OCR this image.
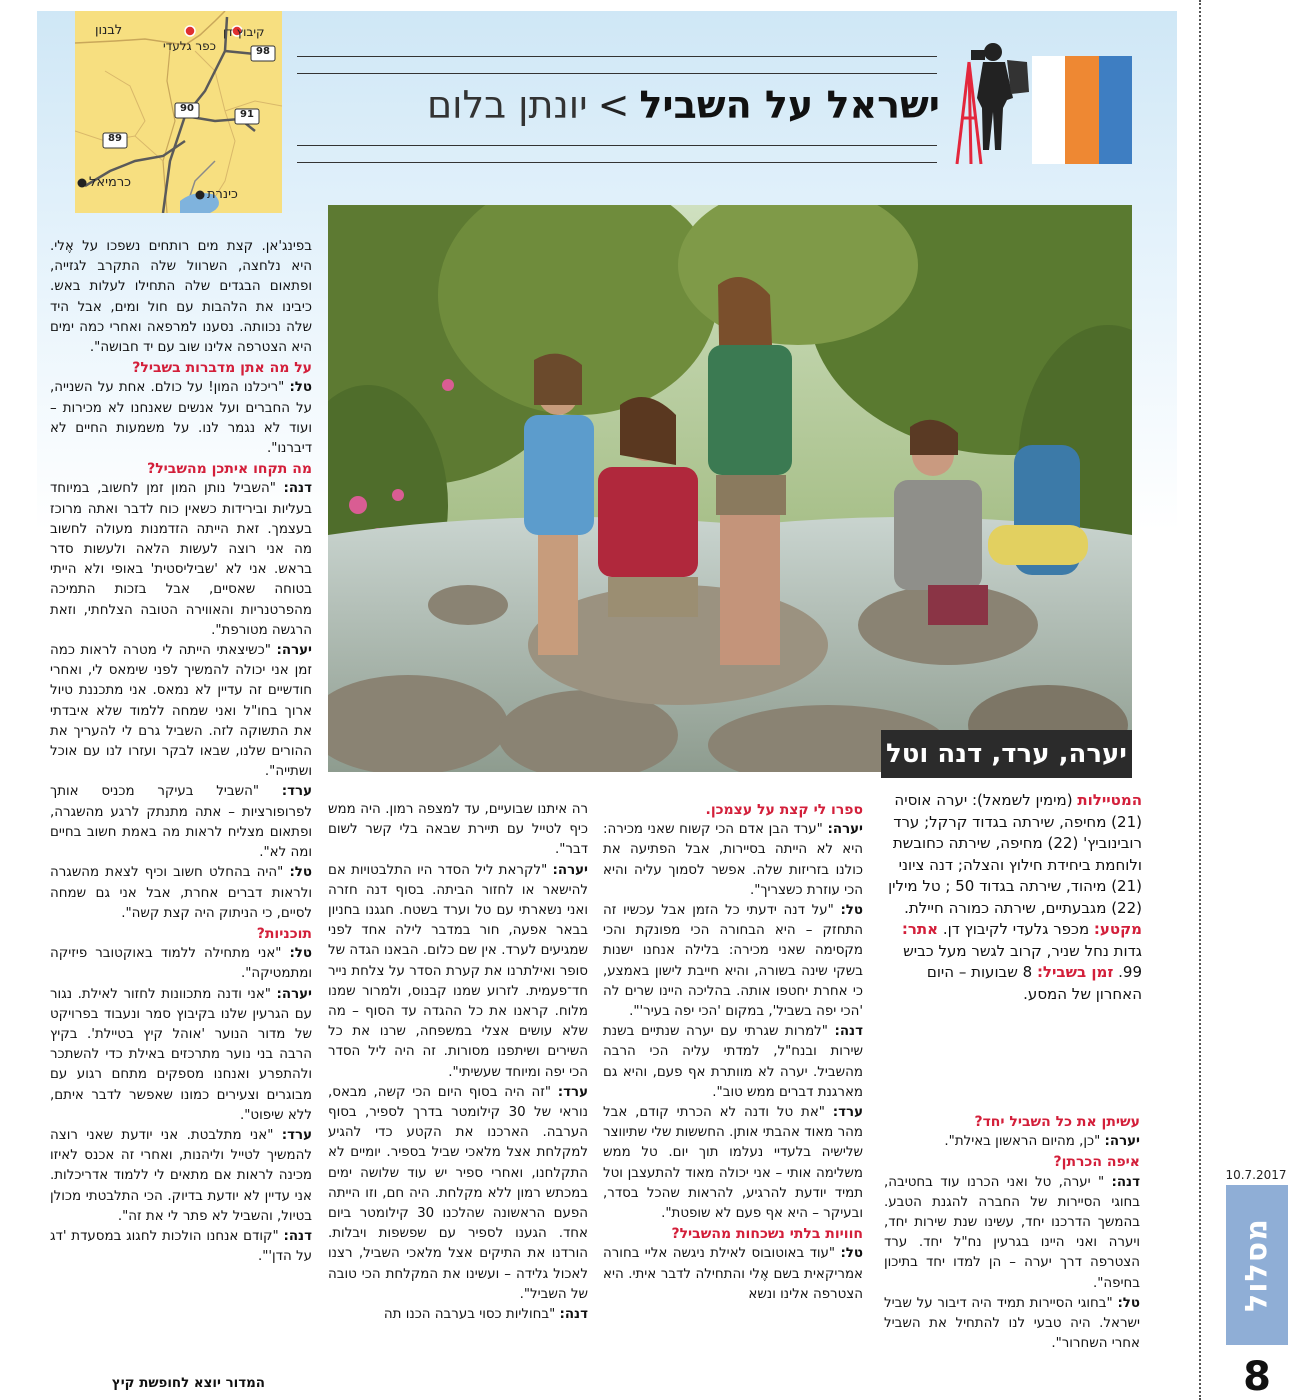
98
90
91
89
לבנון	קיבוץ דן
כפר גלעדי
כרמיאל
כינרת
ישראל על השביל>יונתן בלום
יערה, ערד, דנה וטל
המטיילות (מימין לשמאל): יערה אוסיה (21) מחיפה, שירתה בגדוד קרקל; ערד רובינוביץ' (22) מחיפה, שירתה כחובשת ולוחמת ביחידת חילוץ והצלה; דנה ציוני (21) מיהוד, שירתה בגדוד 50 ; טל מילין (22) מגבעתיים, שירתה כמורה חיילת. מקטע: מכפר גלעדי לקיבוץ דן. אתר: גדות נחל שניר, קרוב לגשר מעל כביש 99. זמן בשביל: 8 שבועות – היום האחרון של המסע.

עשיתן את כל השביל יחד?

יערה: "כן, מהיום הראשון באילת".

איפה הכרתן?

דנה: " יערה, טל ואני הכרנו עוד בחטיבה, בחוגי הסיירות של החברה להגנת הטבע. בהמשך הדרכנו יחד, עשינו שנת שירות יחד, ויערה ואני היינו בגרעין נח"ל יחד. ערד הצטרפה דרך יערה – הן למדו יחד בתיכון בחיפה".

טל: "בחוגי הסיירות תמיד היה דיבור על שביל ישראל. היה טבעי לנו להתחיל את השביל אחרי השחרור".

ספרו לי קצת על עצמכן.

יערה: "ערד הבן אדם הכי קשוח שאני מכירה: היא לא הייתה בסיירות, אבל הפתיעה את כולנו בזריזות שלה. אפשר לסמוך עליה והיא הכי עוזרת כשצריך".

טל: "על דנה ידעתי כל הזמן אבל עכשיו זה התחזק – היא הבחורה הכי מפונקת והכי מקסימה שאני מכירה: בלילה אנחנו ישנות בשקי שינה בשורה, והיא חייבת לישון באמצע, כי אחרת יחטפו אותה. בהליכה היינו שרים לה 'הכי יפה בשביל', במקום 'הכי יפה בעיר'".

דנה: "למרות שגרתי עם יערה שנתיים בשנת שירות ובנח"ל, למדתי עליה הכי הרבה מהשביל. יערה לא מוותרת אף פעם, והיא גם מארגנת דברים ממש טוב".

ערד: "את טל ודנה לא הכרתי קודם, אבל מהר מאוד אהבתי אותן. החששות שלי שתיווצר שלישיה בלעדיי נעלמו תוך יום. טל ממש משלימה אותי – אני יכולה מאוד להתעצבן וטל תמיד יודעת להרגיע, להראות שהכל בסדר, ובעיקר – היא אף פעם לא שופטת".

חוויות בלתי נשכחות מהשביל?

טל: "עוד באוטובוס לאילת ניגשה אליי בחורה אמריקאית בשם אֶלי והתחילה לדבר איתי. היא הצטרפה אלינו ונשא

רה איתנו שבועיים, עד למצפה רמון. היה ממש כיף לטייל עם תיירת שבאה בלי קשר לשום דבר".

יערה: "לקראת ליל הסדר היו התלבטויות אם להישאר או לחזור הביתה. בסוף דנה חזרה ואני נשארתי עם טל וערד בשטח. חגגנו בחניון בבאר אפעה, חור במדבר לילה אחד לפני שמגיעים לערד. אין שם כלום. הבאנו הגדה של סופר ואילתרנו את קערת הסדר על צלחת נייר חד־פעמית. לזרוע שמנו קבנוס, ולמרור שמנו מלוח. קראנו את כל ההגדה עד הסוף – מה שלא עושים אצלי במשפחה, שרנו את כל השירים ושיתפנו מסורות. זה היה ליל הסדר הכי יפה ומיוחד שעשיתי".

ערד: "זה היה בסוף היום הכי קשה, מבאס, נוראי של 30 קילומטר בדרך לספיר, בסוף הערבה. הארכנו את הקטע כדי להגיע למקלחת אצל מלאכי שביל בספיר. יומיים לא התקלחנו, ואחרי ספיר יש עוד שלושה ימים במכתש רמון ללא מקלחת. היה חם, וזו הייתה הפעם הראשונה שהלכנו 30 קילומטר ביום אחד. הגענו לספיר עם שפשפות ויבלות. הורדנו את התיקים אצל מלאכי השביל, רצנו לאכול גלידה – ועשינו את המקלחת הכי טובה של השביל".

דנה: "בחוליות כסוי בערבה הכנו תה

בפינג'אן. קצת מים רותחים נשפכו על אֶלי. היא נלחצה, השרוול שלה התקרב לגזייה, ופתאום הבגדים שלה התחילו לעלות באש. כיבינו את הלהבות עם חול ומים, אבל היד שלה נכוותה. נסענו למרפאה ואחרי כמה ימים היא הצטרפה אלינו שוב עם יד חבושה".

על מה אתן מדברות בשביל?

טל: "ריכלנו המון! על כולם. אחת על השנייה, על החברים ועל אנשים שאנחנו לא מכירות – ועוד לא נגמר לנו. על משמעות החיים לא דיברנו".

מה תקחו איתכן מהשביל?

דנה: "השביל נותן המון זמן לחשוב, במיוחד בעליות ובירידות כשאין כוח לדבר ואתה מרוכז בעצמך. זאת הייתה הזדמנות מעולה לחשוב מה אני רוצה לעשות הלאה ולעשות סדר בראש. אני לא 'שביליסטית' באופי ולא הייתי בטוחה שאסיים, אבל בזכות התמיכה מהפרטנריות והאווירה הטובה הצלחתי, וזאת הרגשה מטורפת".

יערה: "כשיצאתי הייתה לי מטרה לראות כמה זמן אני יכולה להמשיך לפני שימאס לי, ואחרי חודשיים זה עדיין לא נמאס. אני מתכננת טיול ארוך בחו"ל ואני שמחה ללמוד שלא איבדתי את התשוקה לזה. השביל גרם לי להעריך את ההורים שלנו, שבאו לבקר ועזרו לנו עם אוכל ושתייה".

ערד: "השביל בעיקר מכניס אותך לפרופורציות – אתה מתנתק לרגע מהשגרה, ופתאום מצליח לראות מה באמת חשוב בחיים ומה לא".

טל: "היה בהחלט חשוב וכיף לצאת מהשגרה ולראות דברים אחרת, אבל אני גם שמחה לסיים, כי הניתוק היה קצת קשה".

תוכניות?

טל: "אני מתחילה ללמוד באוקטובר פיזיקה ומתמטיקה".

יערה: "אני ודנה מתכוונות לחזור לאילת. נגור עם הגרעין שלנו בקיבוץ סמר ונעבוד בפרויקט של מדור הנוער 'אוהל קיץ בטיילת'. בקיץ הרבה בני נוער מתרכזים באילת כדי להשתכר ולהתפרע ואנחנו מספקים מתחם רגוע עם מבוגרים וצעירים כמונו שאפשר לדבר איתם, ללא שיפוט".

ערד: "אני מתלבטת. אני יודעת שאני רוצה להמשיך לטייל וליהנות, ואחרי זה אכנס לאיזו מכינה לראות אם מתאים לי ללמוד אדריכלות. אני עדיין לא יודעת בדיוק. הכי התלבטתי מכולן בטיול, והשביל לא פתר לי את זה".

דנה: "קודם אנחנו הולכות לחגוג במסעדת 'דג על הדן'".

המדור יוצא לחופשת קיץ
10.7.2017
מסלול
8
